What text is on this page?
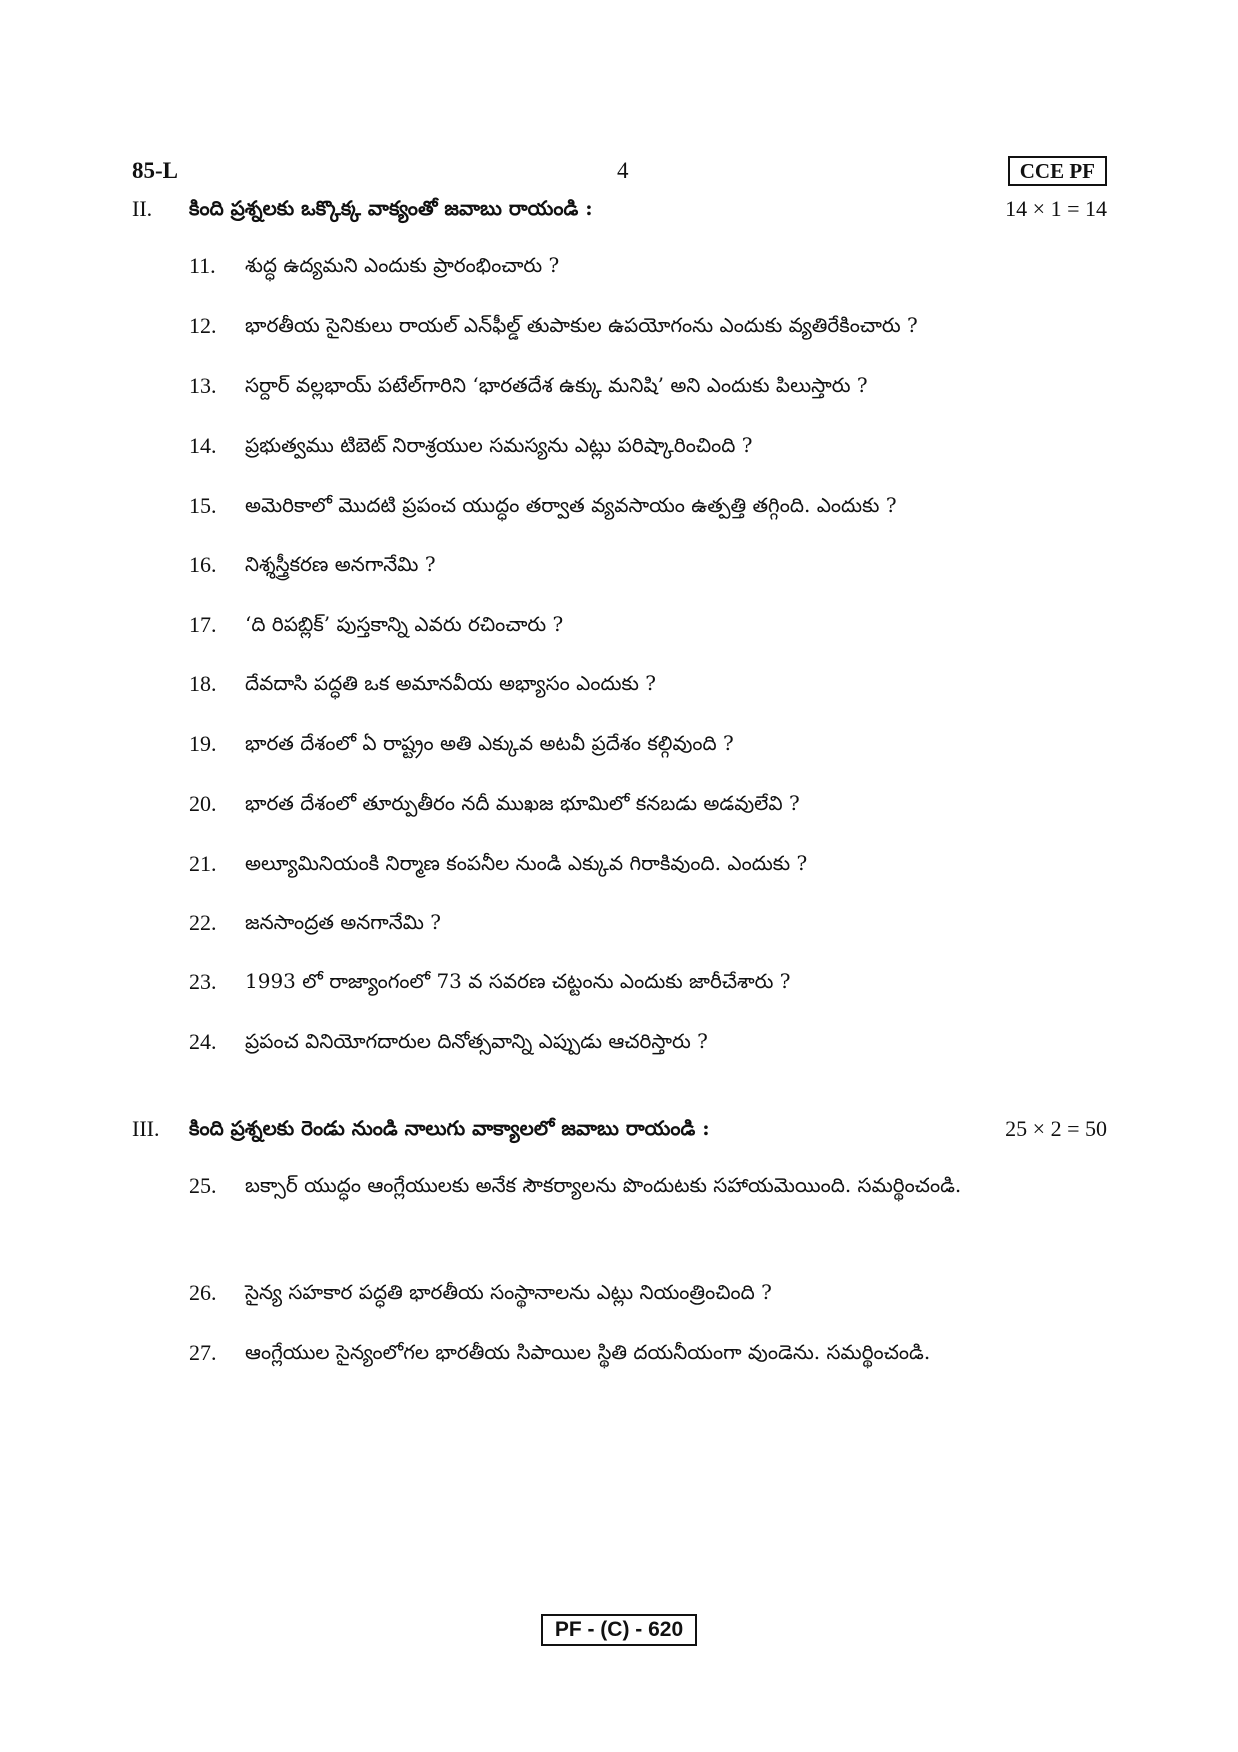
85-L	4	CCE PF
II. కింది ప్రశ్నలకు ఒక్కొక్క వాక్యంతో జవాబు రాయండి :	14 × 1 = 14
11. శుద్ధ ఉద్యమని ఎందుకు ప్రారంభించారు ?
12. భారతీయ సైనికులు రాయల్ ఎన్‌ఫీల్డ్ తుపాకుల ఉపయోగంను ఎందుకు వ్యతిరేకించారు ?
13. సర్దార్ వల్లభాయ్ పటేల్‌గారిని ‘భారతదేశ ఉక్కు మనిషి’ అని ఎందుకు పిలుస్తారు ?
14. ప్రభుత్వము టిబెట్ నిరాశ్రయుల సమస్యను ఎట్లు పరిష్కారించింది ?
15. అమెరికాలో మొదటి ప్రపంచ యుద్ధం తర్వాత వ్యవసాయం ఉత్పత్తి తగ్గింది. ఎందుకు ?
16. నిశ్శస్త్రీకరణ అనగానేమి ?
17. ‘ది రిపబ్లిక్’ పుస్తకాన్ని ఎవరు రచించారు ?
18. దేవదాసి పద్ధతి ఒక అమానవీయ అభ్యాసం ఎందుకు ?
19. భారత దేశంలో ఏ రాష్ట్రం అతి ఎక్కువ అటవీ ప్రదేశం కల్గివుంది ?
20. భారత దేశంలో తూర్పుతీరం నదీ ముఖజ భూమిలో కనబడు అడవులేవి ?
21. అల్యూమినియంకి నిర్మాణ కంపనీల నుండి ఎక్కువ గిరాకివుంది. ఎందుకు ?
22. జనసాంద్రత అనగానేమి ?
23. 1993 లో రాజ్యాంగంలో 73 వ సవరణ చట్టంను ఎందుకు జారీచేశారు ?
24. ప్రపంచ వినియోగదారుల దినోత్సవాన్ని ఎప్పుడు ఆచరిస్తారు ?
III. కింది ప్రశ్నలకు రెండు నుండి నాలుగు వాక్యాలలో జవాబు రాయండి :	25 × 2 = 50
25. బక్సార్ యుద్ధం ఆంగ్లేయులకు అనేక సౌకర్యాలను పొందుటకు సహాయమెయింది. సమర్థించండి.
26. సైన్య సహకార పద్ధతి భారతీయ సంస్థానాలను ఎట్లు నియంత్రించింది ?
27. ఆంగ్లేయుల సైన్యంలోగల భారతీయ సిపాయిల స్థితి దయనీయంగా వుండెను. సమర్థించండి.
PF - (C) - 620
